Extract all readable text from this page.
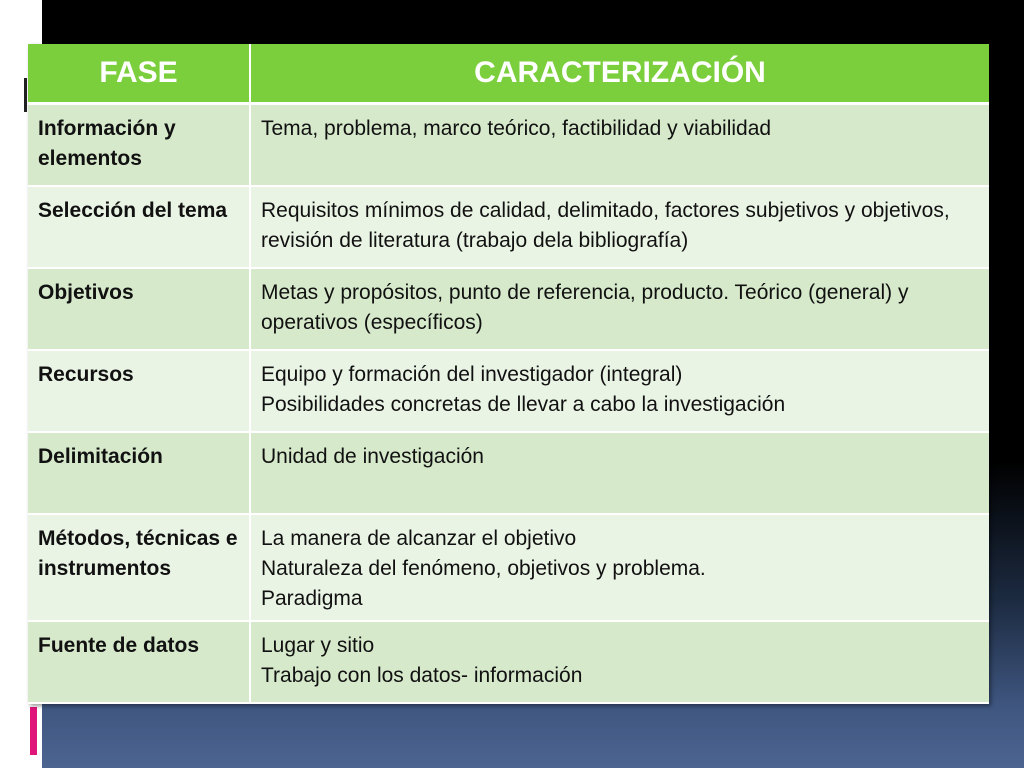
FASE	CARACTERIZACIÓN
Información y elementos	Tema, problema, marco teórico, factibilidad y viabilidad

Selección del tema	Requisitos mínimos de calidad, delimitado, factores subjetivos y objetivos, revisión de literatura (trabajo dela bibliografía)

Objetivos	Metas y propósitos, punto de referencia, producto. Teórico (general) y operativos (específicos)

Recursos	Equipo y formación del investigador (integral)
Posibilidades concretas de llevar a cabo la investigación

Delimitación	Unidad de investigación

Métodos, técnicas e instrumentos	La manera de alcanzar el objetivo
Naturaleza del fenómeno, objetivos y problema.
Paradigma

Fuente de datos	Lugar y sitio
Trabajo con los datos- información
